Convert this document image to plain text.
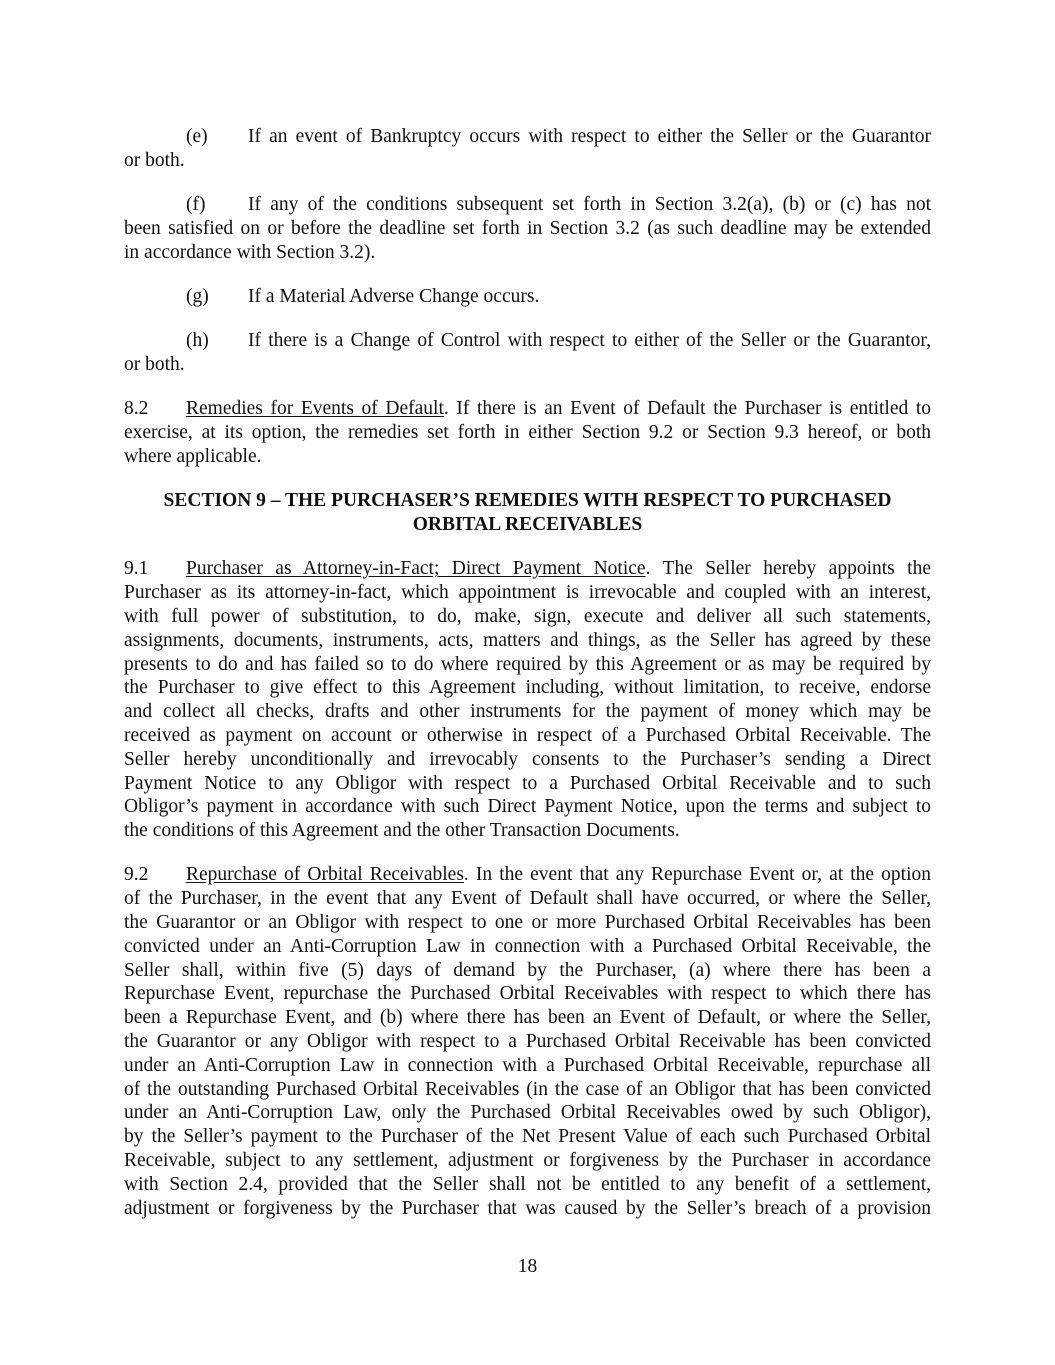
(e) If an event of Bankruptcy occurs with respect to either the Seller or the Guarantor
or both.
(f) If any of the conditions subsequent set forth in Section 3.2(a), (b) or (c) has not
been satisfied on or before the deadline set forth in Section 3.2 (as such deadline may be extended
in accordance with Section 3.2).
(g) If a Material Adverse Change occurs.
(h) If there is a Change of Control with respect to either of the Seller or the Guarantor,
or both.
8.2 Remedies for Events of Default. If there is an Event of Default the Purchaser is entitled to
exercise, at its option, the remedies set forth in either Section 9.2 or Section 9.3 hereof, or both
where applicable.
SECTION 9 – THE PURCHASER’S REMEDIES WITH RESPECT TO PURCHASED
ORBITAL RECEIVABLES
9.1 Purchaser as Attorney-in-Fact; Direct Payment Notice. The Seller hereby appoints the
Purchaser as its attorney-in-fact, which appointment is irrevocable and coupled with an interest,
with full power of substitution, to do, make, sign, execute and deliver all such statements,
assignments, documents, instruments, acts, matters and things, as the Seller has agreed by these
presents to do and has failed so to do where required by this Agreement or as may be required by
the Purchaser to give effect to this Agreement including, without limitation, to receive, endorse
and collect all checks, drafts and other instruments for the payment of money which may be
received as payment on account or otherwise in respect of a Purchased Orbital Receivable. The
Seller hereby unconditionally and irrevocably consents to the Purchaser’s sending a Direct
Payment Notice to any Obligor with respect to a Purchased Orbital Receivable and to such
Obligor’s payment in accordance with such Direct Payment Notice, upon the terms and subject to
the conditions of this Agreement and the other Transaction Documents.
9.2 Repurchase of Orbital Receivables. In the event that any Repurchase Event or, at the option
of the Purchaser, in the event that any Event of Default shall have occurred, or where the Seller,
the Guarantor or an Obligor with respect to one or more Purchased Orbital Receivables has been
convicted under an Anti-Corruption Law in connection with a Purchased Orbital Receivable, the
Seller shall, within five (5) days of demand by the Purchaser, (a) where there has been a
Repurchase Event, repurchase the Purchased Orbital Receivables with respect to which there has
been a Repurchase Event, and (b) where there has been an Event of Default, or where the Seller,
the Guarantor or any Obligor with respect to a Purchased Orbital Receivable has been convicted
under an Anti-Corruption Law in connection with a Purchased Orbital Receivable, repurchase all
of the outstanding Purchased Orbital Receivables (in the case of an Obligor that has been convicted
under an Anti-Corruption Law, only the Purchased Orbital Receivables owed by such Obligor),
by the Seller’s payment to the Purchaser of the Net Present Value of each such Purchased Orbital
Receivable, subject to any settlement, adjustment or forgiveness by the Purchaser in accordance
with Section 2.4, provided that the Seller shall not be entitled to any benefit of a settlement,
adjustment or forgiveness by the Purchaser that was caused by the Seller’s breach of a provision
18
